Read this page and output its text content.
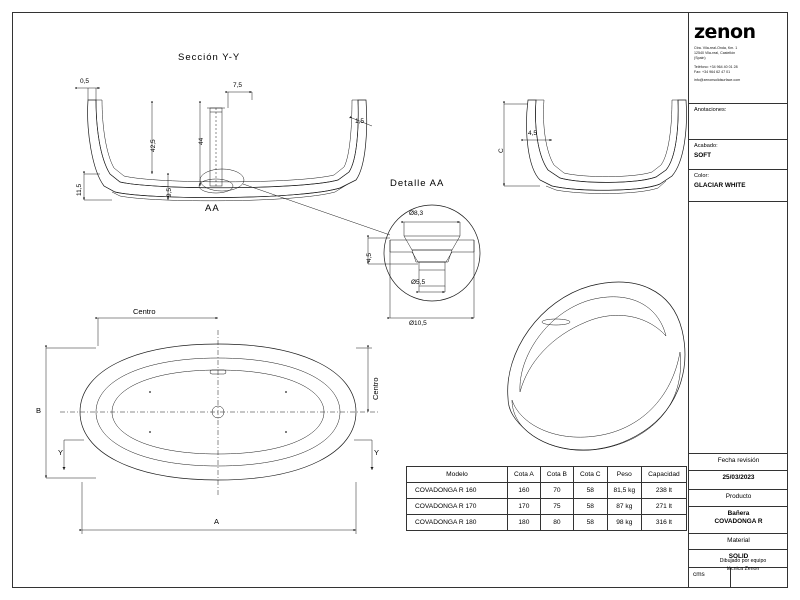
Sección Y-Y
Detalle AA
AA
0,5
7,5
1,5
42,5	44
11,5	9,5
C
4,5
Ø8,3
4,5
Ø5,5
Ø10,5
Centro
Centro
B
A
Y	Y
Modelo	Cota A	Cota B	Cota C	Peso	Capacidad
COVADONGA R 160	160	70	58	81,5 kg	238 lt
COVADONGA R 170	170	75	58	87 kg	271 lt
COVADONGA R 180	180	80	58	98 kg	316 lt
zenon
Ctra. Vila-real-Onda, Km. 1
12540 Vila-real, Castellón
(Spain)
Teléfono: +34 964 40 01 28
Fax: +34 964 62 47 01
info@zenonsolidsurface.com
Anotaciones:
Acabado:
SOFT
Color:
GLACIAR WHITE
Fecha revisión
25/03/2023
Producto
Bañera
COVADONGA R
Material
SOLID
cms
Dibujado por equipo
técnica Zenon
